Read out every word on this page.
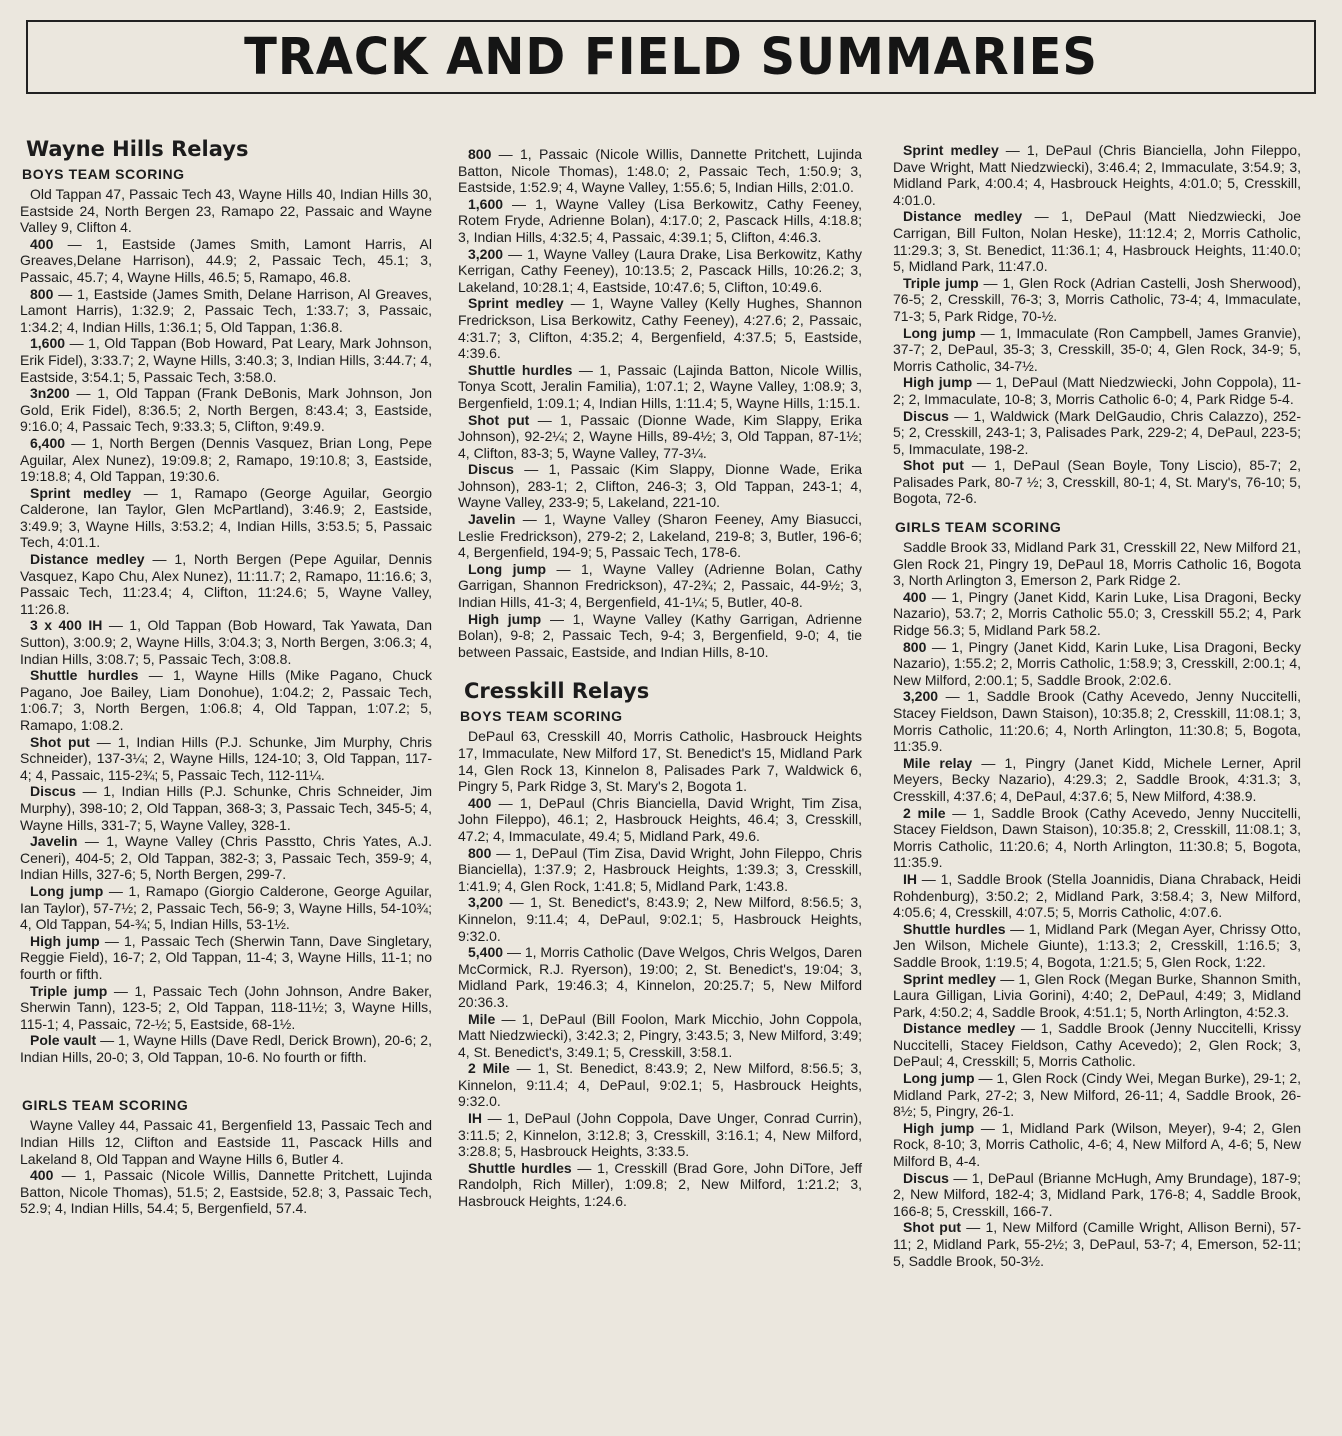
TRACK AND FIELD SUMMARIES
Wayne Hills Relays
BOYS TEAM SCORING

Old Tappan 47, Passaic Tech 43, Wayne Hills 40, Indian Hills 30, Eastside 24, North Bergen 23, Ramapo 22, Passaic and Wayne Valley 9, Clifton 4.

400 — 1, Eastside (James Smith, Lamont Harris, Al Greaves,Delane Harrison), 44.9; 2, Passaic Tech, 45.1; 3, Passaic, 45.7; 4, Wayne Hills, 46.5; 5, Ramapo, 46.8.

800 — 1, Eastside (James Smith, Delane Harrison, Al Greaves, Lamont Harris), 1:32.9; 2, Passaic Tech, 1:33.7; 3, Passaic, 1:34.2; 4, Indian Hills, 1:36.1; 5, Old Tappan, 1:36.8.

1,600 — 1, Old Tappan (Bob Howard, Pat Leary, Mark Johnson, Erik Fidel), 3:33.7; 2, Wayne Hills, 3:40.3; 3, Indian Hills, 3:44.7; 4, Eastside, 3:54.1; 5, Passaic Tech, 3:58.0.

3n200 — 1, Old Tappan (Frank DeBonis, Mark Johnson, Jon Gold, Erik Fidel), 8:36.5; 2, North Bergen, 8:43.4; 3, Eastside, 9:16.0; 4, Passaic Tech, 9:33.3; 5, Clifton, 9:49.9.

6,400 — 1, North Bergen (Dennis Vasquez, Brian Long, Pepe Aguilar, Alex Nunez), 19:09.8; 2, Ramapo, 19:10.8; 3, Eastside, 19:18.8; 4, Old Tappan, 19:30.6.

Sprint medley — 1, Ramapo (George Aguilar, Georgio Calderone, Ian Taylor, Glen McPartland), 3:46.9; 2, Eastside, 3:49.9; 3, Wayne Hills, 3:53.2; 4, Indian Hills, 3:53.5; 5, Passaic Tech, 4:01.1.

Distance medley — 1, North Bergen (Pepe Aguilar, Dennis Vasquez, Kapo Chu, Alex Nunez), 11:11.7; 2, Ramapo, 11:16.6; 3, Passaic Tech, 11:23.4; 4, Clifton, 11:24.6; 5, Wayne Valley, 11:26.8.

3 x 400 IH — 1, Old Tappan (Bob Howard, Tak Yawata, Dan Sutton), 3:00.9; 2, Wayne Hills, 3:04.3; 3, North Bergen, 3:06.3; 4, Indian Hills, 3:08.7; 5, Passaic Tech, 3:08.8.

Shuttle hurdles — 1, Wayne Hills (Mike Pagano, Chuck Pagano, Joe Bailey, Liam Donohue), 1:04.2; 2, Passaic Tech, 1:06.7; 3, North Bergen, 1:06.8; 4, Old Tappan, 1:07.2; 5, Ramapo, 1:08.2.

Shot put — 1, Indian Hills (P.J. Schunke, Jim Murphy, Chris Schneider), 137-3¼; 2, Wayne Hills, 124-10; 3, Old Tappan, 117-4; 4, Passaic, 115-2¾; 5, Passaic Tech, 112-11¼.

Discus — 1, Indian Hills (P.J. Schunke, Chris Schneider, Jim Murphy), 398-10; 2, Old Tappan, 368-3; 3, Passaic Tech, 345-5; 4, Wayne Hills, 331-7; 5, Wayne Valley, 328-1.

Javelin — 1, Wayne Valley (Chris Passtto, Chris Yates, A.J. Ceneri), 404-5; 2, Old Tappan, 382-3; 3, Passaic Tech, 359-9; 4, Indian Hills, 327-6; 5, North Bergen, 299-7.

Long jump — 1, Ramapo (Giorgio Calderone, George Aguilar, Ian Taylor), 57-7½; 2, Passaic Tech, 56-9; 3, Wayne Hills, 54-10¾; 4, Old Tappan, 54-¾; 5, Indian Hills, 53-1½.

High jump — 1, Passaic Tech (Sherwin Tann, Dave Singletary, Reggie Field), 16-7; 2, Old Tappan, 11-4; 3, Wayne Hills, 11-1; no fourth or fifth.

Triple jump — 1, Passaic Tech (John Johnson, Andre Baker, Sherwin Tann), 123-5; 2, Old Tappan, 118-11½; 3, Wayne Hills, 115-1; 4, Passaic, 72-½; 5, Eastside, 68-1½.

Pole vault — 1, Wayne Hills (Dave Redl, Derick Brown), 20-6; 2, Indian Hills, 20-0; 3, Old Tappan, 10-6. No fourth or fifth.

GIRLS TEAM SCORING

Wayne Valley 44, Passaic 41, Bergenfield 13, Passaic Tech and Indian Hills 12, Clifton and Eastside 11, Pascack Hills and Lakeland 8, Old Tappan and Wayne Hills 6, Butler 4.

400 — 1, Passaic (Nicole Willis, Dannette Pritchett, Lujinda Batton, Nicole Thomas), 51.5; 2, Eastside, 52.8; 3, Passaic Tech, 52.9; 4, Indian Hills, 54.4; 5, Bergenfield, 57.4.

800 — 1, Passaic (Nicole Willis, Dannette Pritchett, Lujinda Batton, Nicole Thomas), 1:48.0; 2, Passaic Tech, 1:50.9; 3, Eastside, 1:52.9; 4, Wayne Valley, 1:55.6; 5, Indian Hills, 2:01.0.

1,600 — 1, Wayne Valley (Lisa Berkowitz, Cathy Feeney, Rotem Fryde, Adrienne Bolan), 4:17.0; 2, Pascack Hills, 4:18.8; 3, Indian Hills, 4:32.5; 4, Passaic, 4:39.1; 5, Clifton, 4:46.3.

3,200 — 1, Wayne Valley (Laura Drake, Lisa Berkowitz, Kathy Kerrigan, Cathy Feeney), 10:13.5; 2, Pascack Hills, 10:26.2; 3, Lakeland, 10:28.1; 4, Eastside, 10:47.6; 5, Clifton, 10:49.6.

Sprint medley — 1, Wayne Valley (Kelly Hughes, Shannon Fredrickson, Lisa Berkowitz, Cathy Feeney), 4:27.6; 2, Passaic, 4:31.7; 3, Clifton, 4:35.2; 4, Bergenfield, 4:37.5; 5, Eastside, 4:39.6.

Shuttle hurdles — 1, Passaic (Lajinda Batton, Nicole Willis, Tonya Scott, Jeralin Familia), 1:07.1; 2, Wayne Valley, 1:08.9; 3, Bergenfield, 1:09.1; 4, Indian Hills, 1:11.4; 5, Wayne Hills, 1:15.1.

Shot put — 1, Passaic (Dionne Wade, Kim Slappy, Erika Johnson), 92-2¼; 2, Wayne Hills, 89-4½; 3, Old Tappan, 87-1½; 4, Clifton, 83-3; 5, Wayne Valley, 77-3¼.

Discus — 1, Passaic (Kim Slappy, Dionne Wade, Erika Johnson), 283-1; 2, Clifton, 246-3; 3, Old Tappan, 243-1; 4, Wayne Valley, 233-9; 5, Lakeland, 221-10.

Javelin — 1, Wayne Valley (Sharon Feeney, Amy Biasucci, Leslie Fredrickson), 279-2; 2, Lakeland, 219-8; 3, Butler, 196-6; 4, Bergenfield, 194-9; 5, Passaic Tech, 178-6.

Long jump — 1, Wayne Valley (Adrienne Bolan, Cathy Garrigan, Shannon Fredrickson), 47-2¾; 2, Passaic, 44-9½; 3, Indian Hills, 41-3; 4, Bergenfield, 41-1¼; 5, Butler, 40-8.

High jump — 1, Wayne Valley (Kathy Garrigan, Adrienne Bolan), 9-8; 2, Passaic Tech, 9-4; 3, Bergenfield, 9-0; 4, tie between Passaic, Eastside, and Indian Hills, 8-10.

Cresskill Relays
BOYS TEAM SCORING

DePaul 63, Cresskill 40, Morris Catholic, Hasbrouck Heights 17, Immaculate, New Milford 17, St. Benedict's 15, Midland Park 14, Glen Rock 13, Kinnelon 8, Palisades Park 7, Waldwick 6, Pingry 5, Park Ridge 3, St. Mary's 2, Bogota 1.

400 — 1, DePaul (Chris Bianciella, David Wright, Tim Zisa, John Fileppo), 46.1; 2, Hasbrouck Heights, 46.4; 3, Cresskill, 47.2; 4, Immaculate, 49.4; 5, Midland Park, 49.6.

800 — 1, DePaul (Tim Zisa, David Wright, John Fileppo, Chris Bianciella), 1:37.9; 2, Hasbrouck Heights, 1:39.3; 3, Cresskill, 1:41.9; 4, Glen Rock, 1:41.8; 5, Midland Park, 1:43.8.

3,200 — 1, St. Benedict's, 8:43.9; 2, New Milford, 8:56.5; 3, Kinnelon, 9:11.4; 4, DePaul, 9:02.1; 5, Hasbrouck Heights, 9:32.0.

5,400 — 1, Morris Catholic (Dave Welgos, Chris Welgos, Daren McCormick, R.J. Ryerson), 19:00; 2, St. Benedict's, 19:04; 3, Midland Park, 19:46.3; 4, Kinnelon, 20:25.7; 5, New Milford 20:36.3.

Mile — 1, DePaul (Bill Foolon, Mark Micchio, John Coppola, Matt Niedzwiecki), 3:42.3; 2, Pingry, 3:43.5; 3, New Milford, 3:49; 4, St. Benedict's, 3:49.1; 5, Cresskill, 3:58.1.

2 Mile — 1, St. Benedict, 8:43.9; 2, New Milford, 8:56.5; 3, Kinnelon, 9:11.4; 4, DePaul, 9:02.1; 5, Hasbrouck Heights, 9:32.0.

IH — 1, DePaul (John Coppola, Dave Unger, Conrad Currin), 3:11.5; 2, Kinnelon, 3:12.8; 3, Cresskill, 3:16.1; 4, New Milford, 3:28.8; 5, Hasbrouck Heights, 3:33.5.

Shuttle hurdles — 1, Cresskill (Brad Gore, John DiTore, Jeff Randolph, Rich Miller), 1:09.8; 2, New Milford, 1:21.2; 3, Hasbrouck Heights, 1:24.6.

Sprint medley — 1, DePaul (Chris Bianciella, John Fileppo, Dave Wright, Matt Niedzwiecki), 3:46.4; 2, Immaculate, 3:54.9; 3, Midland Park, 4:00.4; 4, Hasbrouck Heights, 4:01.0; 5, Cresskill, 4:01.0.

Distance medley — 1, DePaul (Matt Niedzwiecki, Joe Carrigan, Bill Fulton, Nolan Heske), 11:12.4; 2, Morris Catholic, 11:29.3; 3, St. Benedict, 11:36.1; 4, Hasbrouck Heights, 11:40.0; 5, Midland Park, 11:47.0.

Triple jump — 1, Glen Rock (Adrian Castelli, Josh Sherwood), 76-5; 2, Cresskill, 76-3; 3, Morris Catholic, 73-4; 4, Immaculate, 71-3; 5, Park Ridge, 70-½.

Long jump — 1, Immaculate (Ron Campbell, James Granvie), 37-7; 2, DePaul, 35-3; 3, Cresskill, 35-0; 4, Glen Rock, 34-9; 5, Morris Catholic, 34-7½.

High jump — 1, DePaul (Matt Niedzwiecki, John Coppola), 11-2; 2, Immaculate, 10-8; 3, Morris Catholic 6-0; 4, Park Ridge 5-4.

Discus — 1, Waldwick (Mark DelGaudio, Chris Calazzo), 252-5; 2, Cresskill, 243-1; 3, Palisades Park, 229-2; 4, DePaul, 223-5; 5, Immaculate, 198-2.

Shot put — 1, DePaul (Sean Boyle, Tony Liscio), 85-7; 2, Palisades Park, 80-7 ½; 3, Cresskill, 80-1; 4, St. Mary's, 76-10; 5, Bogota, 72-6.

GIRLS TEAM SCORING

Saddle Brook 33, Midland Park 31, Cresskill 22, New Milford 21, Glen Rock 21, Pingry 19, DePaul 18, Morris Catholic 16, Bogota 3, North Arlington 3, Emerson 2, Park Ridge 2.

400 — 1, Pingry (Janet Kidd, Karin Luke, Lisa Dragoni, Becky Nazario), 53.7; 2, Morris Catholic 55.0; 3, Cresskill 55.2; 4, Park Ridge 56.3; 5, Midland Park 58.2.

800 — 1, Pingry (Janet Kidd, Karin Luke, Lisa Dragoni, Becky Nazario), 1:55.2; 2, Morris Catholic, 1:58.9; 3, Cresskill, 2:00.1; 4, New Milford, 2:00.1; 5, Saddle Brook, 2:02.6.

3,200 — 1, Saddle Brook (Cathy Acevedo, Jenny Nuccitelli, Stacey Fieldson, Dawn Staison), 10:35.8; 2, Cresskill, 11:08.1; 3, Morris Catholic, 11:20.6; 4, North Arlington, 11:30.8; 5, Bogota, 11:35.9.

Mile relay — 1, Pingry (Janet Kidd, Michele Lerner, April Meyers, Becky Nazario), 4:29.3; 2, Saddle Brook, 4:31.3; 3, Cresskill, 4:37.6; 4, DePaul, 4:37.6; 5, New Milford, 4:38.9.

2 mile — 1, Saddle Brook (Cathy Acevedo, Jenny Nuccitelli, Stacey Fieldson, Dawn Staison), 10:35.8; 2, Cresskill, 11:08.1; 3, Morris Catholic, 11:20.6; 4, North Arlington, 11:30.8; 5, Bogota, 11:35.9.

IH — 1, Saddle Brook (Stella Joannidis, Diana Chraback, Heidi Rohdenburg), 3:50.2; 2, Midland Park, 3:58.4; 3, New Milford, 4:05.6; 4, Cresskill, 4:07.5; 5, Morris Catholic, 4:07.6.

Shuttle hurdles — 1, Midland Park (Megan Ayer, Chrissy Otto, Jen Wilson, Michele Giunte), 1:13.3; 2, Cresskill, 1:16.5; 3, Saddle Brook, 1:19.5; 4, Bogota, 1:21.5; 5, Glen Rock, 1:22.

Sprint medley — 1, Glen Rock (Megan Burke, Shannon Smith, Laura Gilligan, Livia Gorini), 4:40; 2, DePaul, 4:49; 3, Midland Park, 4:50.2; 4, Saddle Brook, 4:51.1; 5, North Arlington, 4:52.3.

Distance medley — 1, Saddle Brook (Jenny Nuccitelli, Krissy Nuccitelli, Stacey Fieldson, Cathy Acevedo); 2, Glen Rock; 3, DePaul; 4, Cresskill; 5, Morris Catholic.

Long jump — 1, Glen Rock (Cindy Wei, Megan Burke), 29-1; 2, Midland Park, 27-2; 3, New Milford, 26-11; 4, Saddle Brook, 26-8½; 5, Pingry, 26-1.

High jump — 1, Midland Park (Wilson, Meyer), 9-4; 2, Glen Rock, 8-10; 3, Morris Catholic, 4-6; 4, New Milford A, 4-6; 5, New Milford B, 4-4.

Discus — 1, DePaul (Brianne McHugh, Amy Brundage), 187-9; 2, New Milford, 182-4; 3, Midland Park, 176-8; 4, Saddle Brook, 166-8; 5, Cresskill, 166-7.

Shot put — 1, New Milford (Camille Wright, Allison Berni), 57-11; 2, Midland Park, 55-2½; 3, DePaul, 53-7; 4, Emerson, 52-11; 5, Saddle Brook, 50-3½.
